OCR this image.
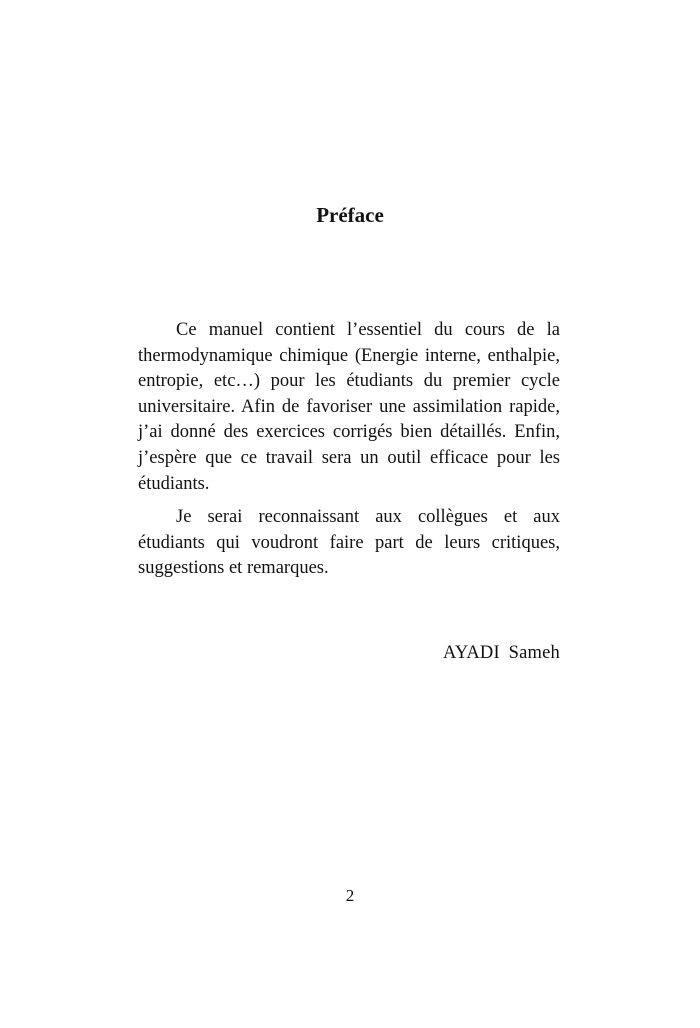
Préface

Ce manuel contient l’essentiel du cours de la thermodynamique chimique (Energie interne, enthalpie, entropie, etc…) pour les étudiants du premier cycle universitaire. Afin de favoriser une assimilation rapide, j’ai donné des exercices corrigés bien détaillés. Enfin, j’espère que ce travail sera un outil efficace pour les étudiants.

Je serai reconnaissant aux collègues et aux étudiants qui voudront faire part de leurs critiques, suggestions et remarques.

AYADI Sameh
2
